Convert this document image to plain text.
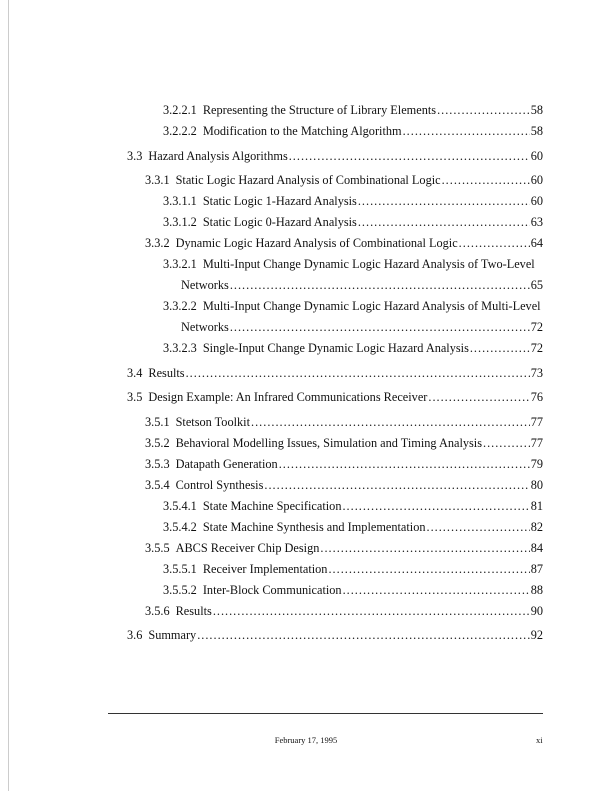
3.2.2.1 Representing the Structure of Library Elements .....	58
3.2.2.2 Modification to the Matching Algorithm .....	58
3.3 Hazard Analysis Algorithms .....	60
3.3.1 Static Logic Hazard Analysis of Combinational Logic .....	60
3.3.1.1 Static Logic 1-Hazard Analysis .....	60
3.3.1.2 Static Logic 0-Hazard Analysis .....	63
3.3.2 Dynamic Logic Hazard Analysis of Combinational Logic .....	64
3.3.2.1 Multi-Input Change Dynamic Logic Hazard Analysis of Two-Level
Networks .....	65
3.3.2.2 Multi-Input Change Dynamic Logic Hazard Analysis of Multi-Level
Networks .....	72
3.3.2.3 Single-Input Change Dynamic Logic Hazard Analysis .....	72
3.4 Results .....	73
3.5 Design Example: An Infrared Communications Receiver .....	76
3.5.1 Stetson Toolkit .....	77
3.5.2 Behavioral Modelling Issues, Simulation and Timing Analysis .....	77
3.5.3 Datapath Generation .....	79
3.5.4 Control Synthesis .....	80
3.5.4.1 State Machine Specification .....	81
3.5.4.2 State Machine Synthesis and Implementation .....	82
3.5.5 ABCS Receiver Chip Design .....	84
3.5.5.1 Receiver Implementation .....	87
3.5.5.2 Inter-Block Communication .....	88
3.5.6 Results .....	90
3.6 Summary .....	92
February 17, 1995	xi
